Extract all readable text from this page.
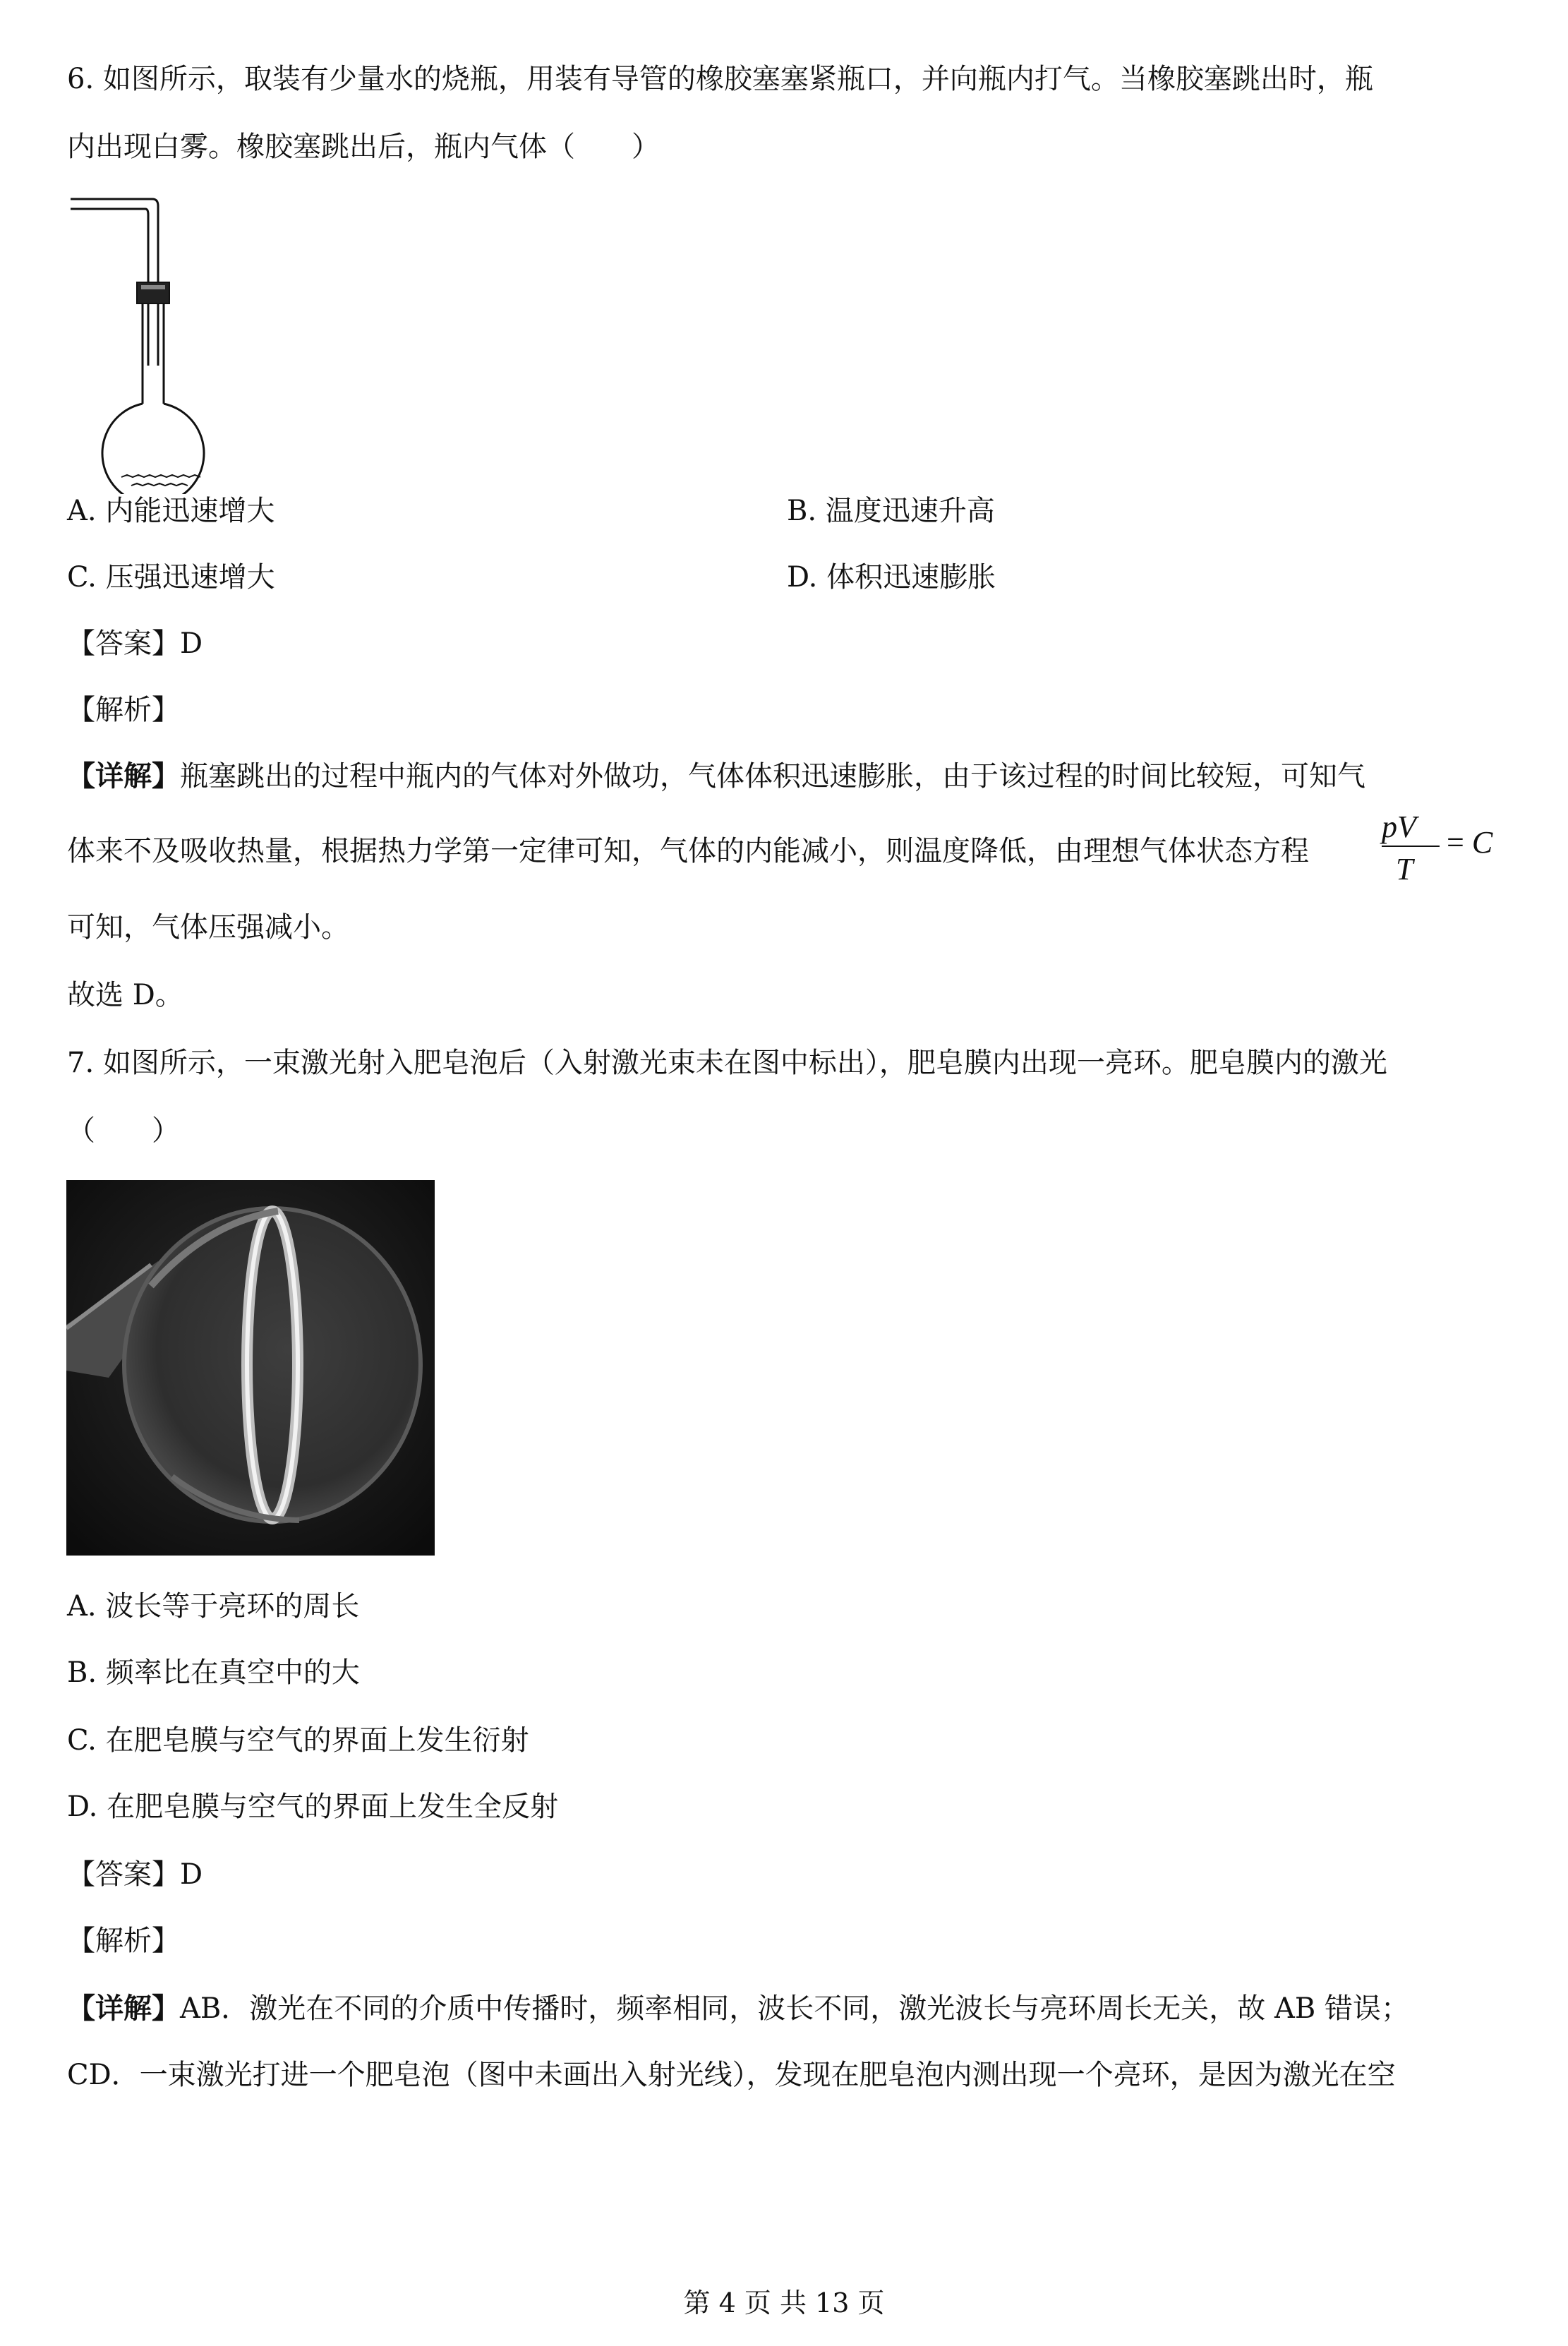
6. 如图所示，取装有少量水的烧瓶，用装有导管的橡胶塞塞紧瓶口，并向瓶内打气。当橡胶塞跳出时，瓶
内出现白雾。橡胶塞跳出后，瓶内气体（　　）
A. 内能迅速增大	B. 温度迅速升高
C. 压强迅速增大	D. 体积迅速膨胀
【答案】D
【解析】
【详解】瓶塞跳出的过程中瓶内的气体对外做功，气体体积迅速膨胀，由于该过程的时间比较短，可知气
体来不及吸收热量，根据热力学第一定律可知，气体的内能减小，则温度降低，由理想气体状态方程
pV
T
= C
可知，气体压强减小。
故选 D。
7. 如图所示，一束激光射入肥皂泡后（入射激光束未在图中标出），肥皂膜内出现一亮环。肥皂膜内的激光
（　　）
A. 波长等于亮环的周长
B. 频率比在真空中的大
C. 在肥皂膜与空气的界面上发生衍射
D. 在肥皂膜与空气的界面上发生全反射
【答案】D
【解析】
【详解】AB．激光在不同的介质中传播时，频率相同，波长不同，激光波长与亮环周长无关，故 AB 错误；
CD．一束激光打进一个肥皂泡（图中未画出入射光线），发现在肥皂泡内测出现一个亮环，是因为激光在空
第 4 页 共 13 页
